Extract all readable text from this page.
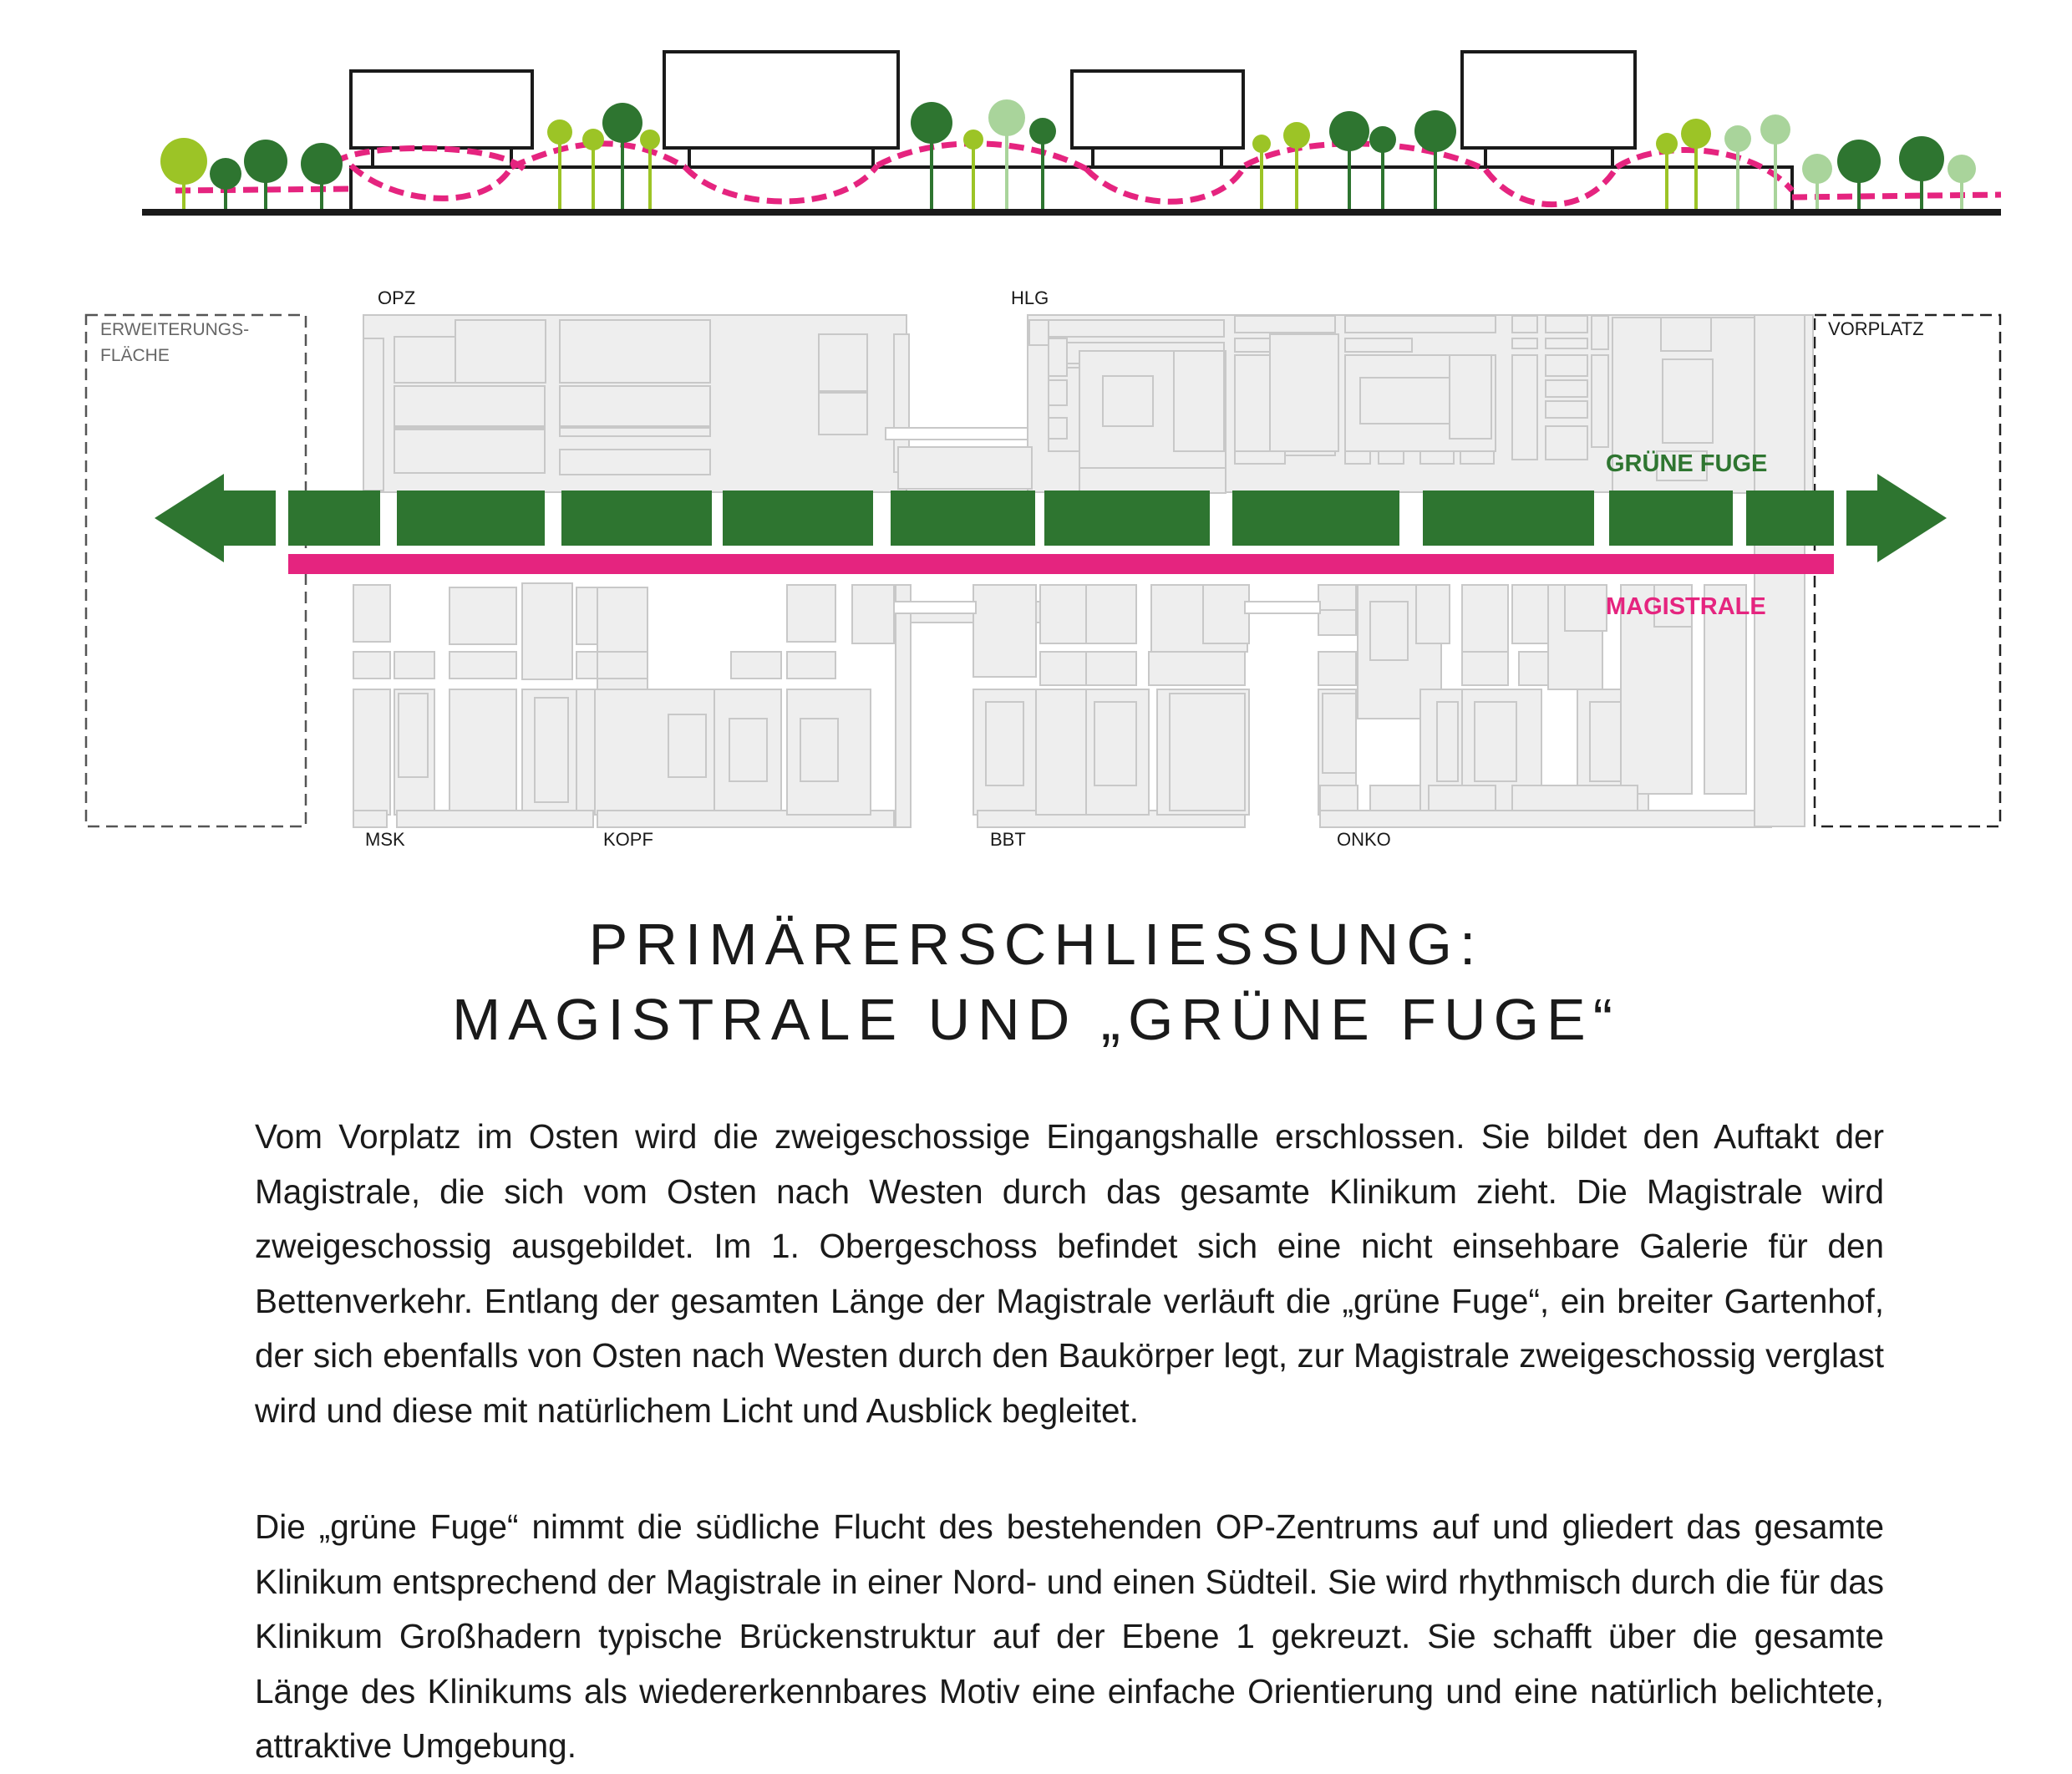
OPZ	HLG
MSK	KOPF	BBT	ONKO
ERWEITERUNGS-
FLÄCHE
VORPLATZ
GRÜNE FUGE
MAGISTRALE
PRIMÄRERSCHLIESSUNG:
MAGISTRALE UND „GRÜNE FUGE“

Vom Vorplatz im Osten wird die zweigeschossige Eingangshalle erschlossen. Sie bildet den Auftakt der Magistrale, die sich vom Osten nach Westen durch das gesamte Klinikum zieht. Die Magistrale wird zweigeschossig ausgebildet. Im 1. Obergeschoss befindet sich eine nicht einsehbare Galerie für den Bettenverkehr. Entlang der gesamten Länge der Magistrale verläuft die „grüne Fuge“, ein breiter Gartenhof, der sich ebenfalls von Osten nach Westen durch den Baukörper legt, zur Magistrale zweigeschossig verglast wird und diese mit natürlichem Licht und Ausblick begleitet.

Die „grüne Fuge“ nimmt die südliche Flucht des bestehenden OP-Zentrums auf und gliedert das gesamte Klinikum entsprechend der Magistrale in einer Nord- und einen Südteil. Sie wird rhythmisch durch die für das Klinikum Großhadern typische Brückenstruktur auf der Ebene 1 gekreuzt. Sie schafft über die gesamte Länge des Klinikums als wiedererkennbares Motiv eine einfache Orientierung und eine natürlich belichtete, attraktive Umgebung.
